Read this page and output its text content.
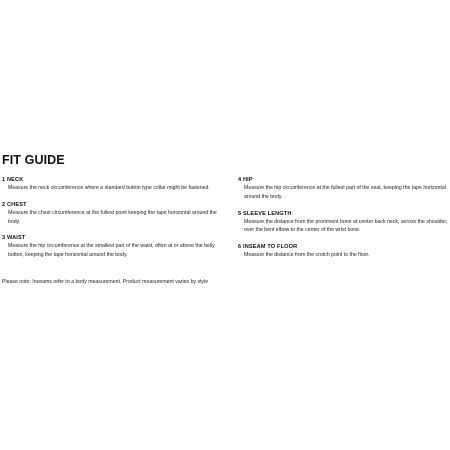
FIT GUIDE
1 NECK
Measure the neck circumference where a standard button type collar might be fastened.
2 CHEST
Measure the chest circumference at the fullest point keeping the tape horizontal around the body.
3 WAIST
Measure the hip circumference at the smallest part of the waist, often at or above the belly button, keeping the tape horizontal around the body.
4 HIP
Measure the hip circumference at the fullest part of the seat, keeping the tape horizontal around the body.
5 SLEEVE LENGTH
Measure the distance from the prominent bone at center back neck, across the shoulder, over the bent elbow to the center of the wrist bone.
6 INSEAM TO FLOOR
Measure the distance from the crotch point to the floor.
Please note: Inseams refer to a body measurement. Product measurement varies by style
